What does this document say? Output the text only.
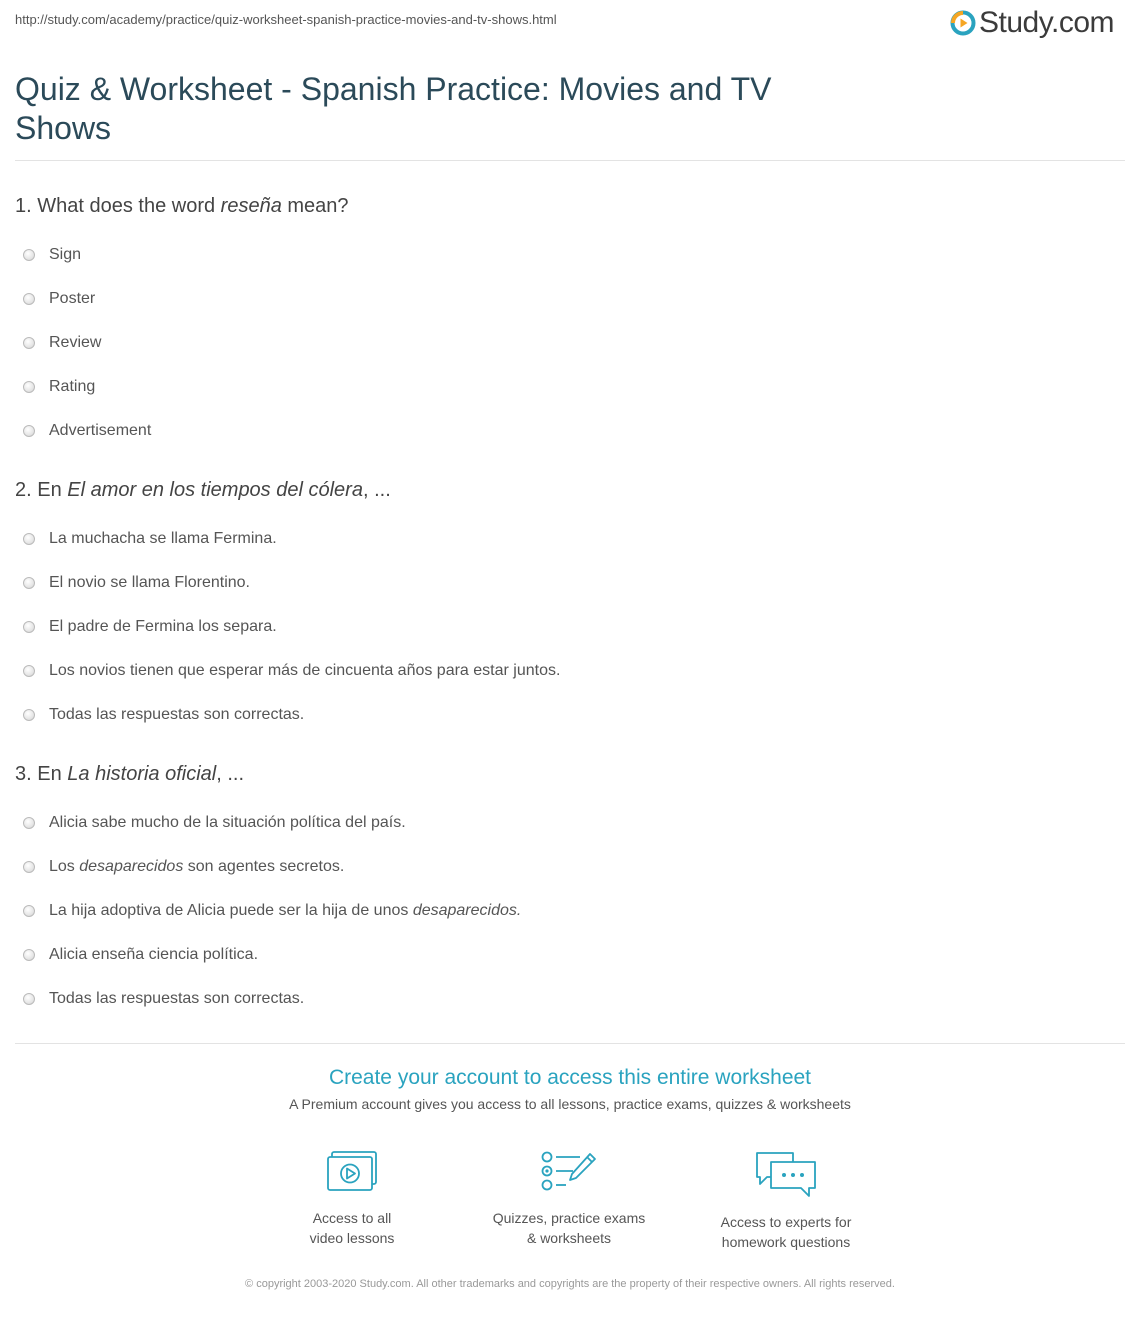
http://study.com/academy/practice/quiz-worksheet-spanish-practice-movies-and-tv-shows.html	Study.com
Quiz & Worksheet - Spanish Practice: Movies and TV Shows
1. What does the word reseña mean?
Sign
Poster
Review
Rating
Advertisement
2. En El amor en los tiempos del cólera, ...
La muchacha se llama Fermina.
El novio se llama Florentino.
El padre de Fermina los separa.
Los novios tienen que esperar más de cincuenta años para estar juntos.
Todas las respuestas son correctas.
3. En La historia oficial, ...
Alicia sabe mucho de la situación política del país.
Los desaparecidos son agentes secretos.
La hija adoptiva de Alicia puede ser la hija de unos desaparecidos.
Alicia enseña ciencia política.
Todas las respuestas son correctas.
Create your account to access this entire worksheet
A Premium account gives you access to all lessons, practice exams, quizzes & worksheets
Access to all
video lessons
Quizzes, practice exams
& worksheets
Access to experts for
homework questions
© copyright 2003-2020 Study.com. All other trademarks and copyrights are the property of their respective owners. All rights reserved.
